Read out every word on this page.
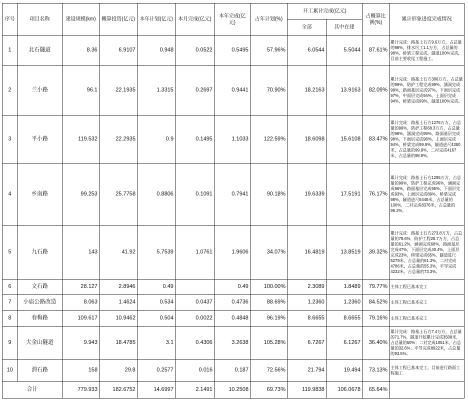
序号	项目名称	建设规模(km)	概算投资(亿元)	本年计划(亿元)	本月完成(亿元)	本年完成(亿元)	占年计划(%)	开工累计完成(亿元)		占概算比例(%)	累计形象进度完成情况
								全部	其中在建		
1	北石隧道	8.36	6.9107	0.948	0.0522	0.5495	57.96%	6.0544	5.5044	87.61%	累计完成：路基土石方9.6万方，占总量的98%，排水圬工1.1万方，占总量的98%，桥梁工程完成，隧道100%完成，目前主要收尾工程施工。

2	兰小路	96.1	22.1935	1.3315	0.2697	0.9441	70.90%	18.2163	13.9163	82.09%	累计完成：路基土石方306万方，占总量的99%，防护工程完成99%，涵洞完成99%，路面基层完成97%，下面层完成97%，中面层完成94%，上面层完成94%，桥梁完成99%，隧道100%完成。

3	平小路	119.532	22.2935	0.9	0.1495	1.1033	122.59%	18.6098	15.6108	83.47%	累计完成：路基土石方1276万方，占总量的99%，防护工程68.3万方，占总量的98%，涵洞完成99%，路面基层完成98%，下面层完成98%，上面层完成94%，桥梁完成99.9%，隧道进尺4380米，占总量的99.9%，二衬完成4167米，占总量的98.9%。

4	乡南路	99.253	25.7758	0.8806	0.1091	0.7941	90.18%	19.6339	17.5191	76.17%	累计完成：路基土石方1295万方，占总量的99%，防护工程完成96%，涵洞完成96%，路面基层完成95%，下面层完成93%，上面层完成89%，桥梁完成98%，隧道进尺8448米，占总量的100%，二衬完成8376米，占总量的99.2%。

5	九石路	143	41.92	5.7539	1.0761	1.9606	34.07%	16.4819	13.8519	39.32%	累计完成：路基土石方273.8万方，占总量的78.6%，防护工程28.7万方，占总量的61.2%，涵洞完成68%，路面基层完成47%，下面层完成40.4%，上面层完成23%，桥梁完成65%，隧道进尺5279米，占总量的61.3%，二衬完成4786米，占总量的55.3%，平导完成4232米，占总量的73.3%。

6	文石路	28.127	2.8946	0.49		0.49	100.00%	2.3089	1.8489	79.77%	主体工程已基本完工

7	小庙公路改造	8.063	1.4624	0.534	0.0437	0.4736	88.69%	1.2360	1.2360	84.52%	主体工程已基本完工

8	春梅路	109.617	10.9462	0.504	0.0022	0.4848	96.19%	8.6655	8.6655	79.16%	主体工程已基本完工

9	大金山隧道	9.943	18.4785	3.1	0.4306	3.2638	105.28%	6.7267	6.1267	36.40%	累计完成：路基土石方7.4万方，占总量的71.7%，隧道开挖累计完成3508米，占总量的50%；二衬完成1051米，占总量的32.6%；平导完成8922米，占总量的93.5%。

10	渭石路	158	29.8	0.2577	0.016	0.187	72.56%	21.794	19.494	73.13%	主体工程已基本完工，目前进行路面工程施工

合计		779.933	182.6752	14.6997	2.1491	10.2508	69.73%	119.9838	106.0678	65.64%	
